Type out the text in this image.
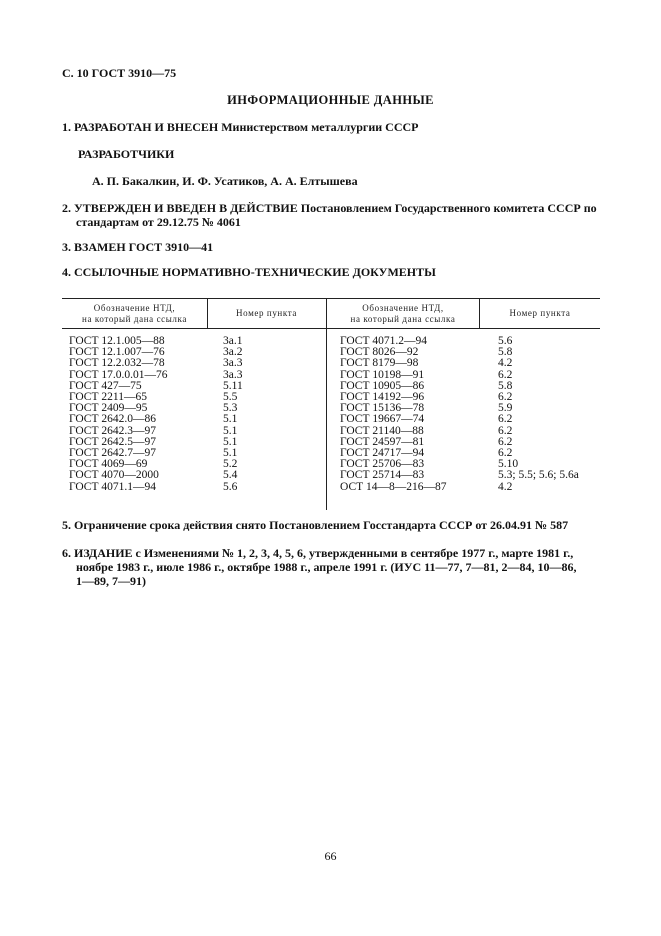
С. 10 ГОСТ 3910—75
ИНФОРМАЦИОННЫЕ ДАННЫЕ
1. РАЗРАБОТАН И ВНЕСЕН Министерством металлургии СССР
РАЗРАБОТЧИКИ
А. П. Бакалкин, И. Ф. Усатиков, А. А. Елтышева
2. УТВЕРЖДЕН И ВВЕДЕН В ДЕЙСТВИЕ Постановлением Государственного комитета СССР по
стандартам от 29.12.75 № 4061
3. ВЗАМЕН ГОСТ 3910—41
4. ССЫЛОЧНЫЕ НОРМАТИВНО-ТЕХНИЧЕСКИЕ ДОКУМЕНТЫ
Обозначение НТД,
на который дана ссылка
Номер пункта	Обозначение НТД,
на который дана ссылка
Номер пункта
ГОСТ 12.1.005—88
ГОСТ 12.1.007—76
ГОСТ 12.2.032—78
ГОСТ 17.0.0.01—76
ГОСТ 427—75
ГОСТ 2211—65
ГОСТ 2409—95
ГОСТ 2642.0—86
ГОСТ 2642.3—97
ГОСТ 2642.5—97
ГОСТ 2642.7—97
ГОСТ 4069—69
ГОСТ 4070—2000
ГОСТ 4071.1—94
3а.1
3а.2
3а.3
3а.3
5.11
5.5
5.3
5.1
5.1
5.1
5.1
5.2
5.4
5.6
ГОСТ 4071.2—94
ГОСТ 8026—92
ГОСТ 8179—98
ГОСТ 10198—91
ГОСТ 10905—86
ГОСТ 14192—96
ГОСТ 15136—78
ГОСТ 19667—74
ГОСТ 21140—88
ГОСТ 24597—81
ГОСТ 24717—94
ГОСТ 25706—83
ГОСТ 25714—83
ОСТ 14—8—216—87
5.6
5.8
4.2
6.2
5.8
6.2
5.9
6.2
6.2
6.2
6.2
5.10
5.3; 5.5; 5.6; 5.6а
4.2
5. Ограничение срока действия снято Постановлением Госстандарта СССР от 26.04.91 № 587
6. ИЗДАНИЕ с Изменениями № 1, 2, 3, 4, 5, 6, утвержденными в сентябре 1977 г., марте 1981 г.,
ноябре 1983 г., июле 1986 г., октябре 1988 г., апреле 1991 г. (ИУС 11—77, 7—81, 2—84, 10—86,
1—89, 7—91)
66
